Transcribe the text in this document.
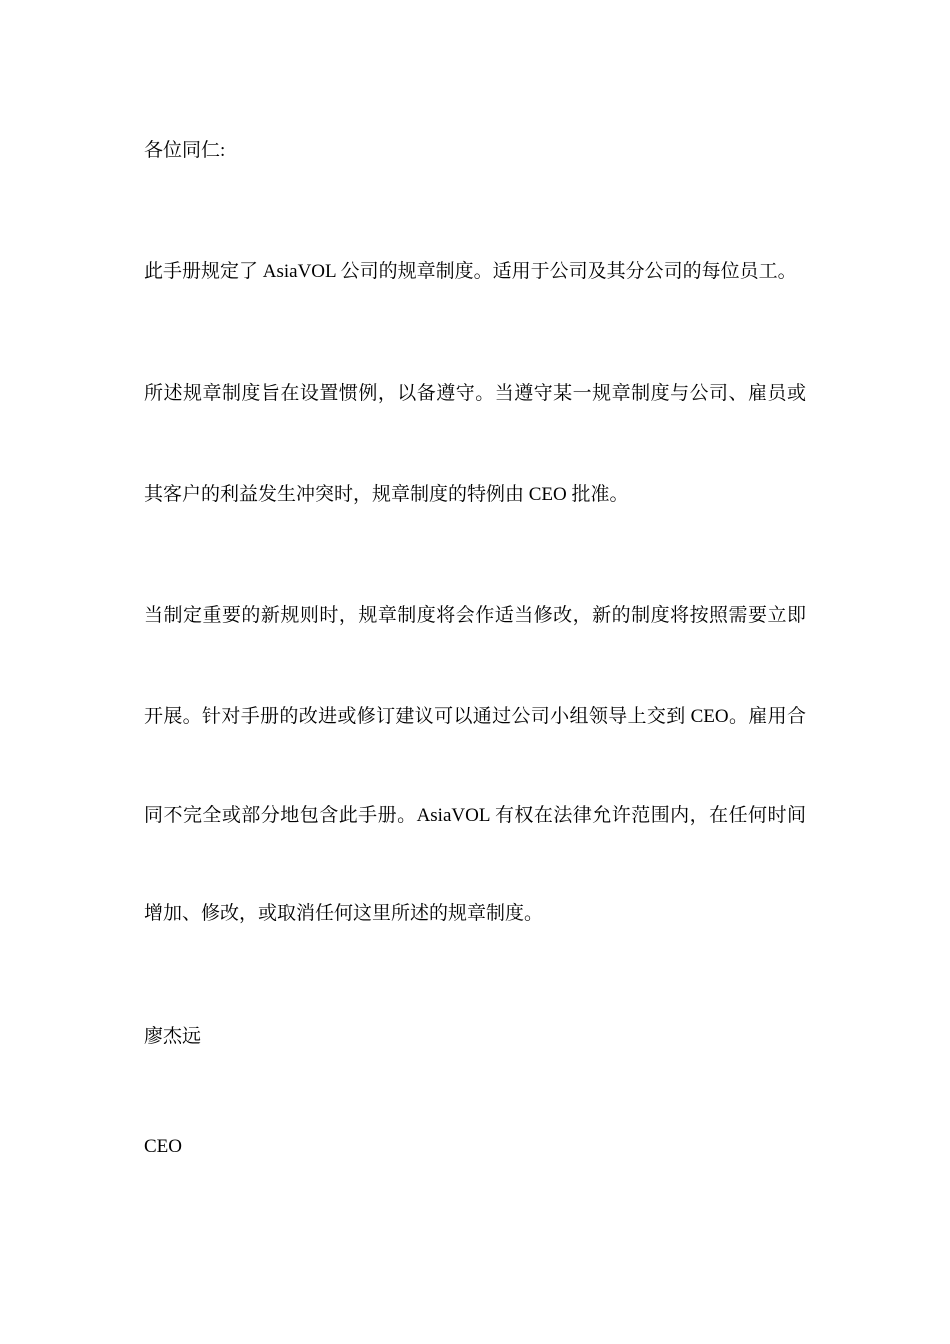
各位同仁:
此手册规定了 AsiaVOL 公司的规章制度。适用于公司及其分公司的每位员工。
所述规章制度旨在设置惯例，以备遵守。当遵守某一规章制度与公司、雇员或
其客户的利益发生冲突时，规章制度的特例由 CEO 批准。
当制定重要的新规则时，规章制度将会作适当修改，新的制度将按照需要立即
开展。针对手册的改进或修订建议可以通过公司小组领导上交到 CEO。雇用合
同不完全或部分地包含此手册。AsiaVOL 有权在法律允许范围内，在任何时间
增加、修改，或取消任何这里所述的规章制度。
廖杰远
CEO
